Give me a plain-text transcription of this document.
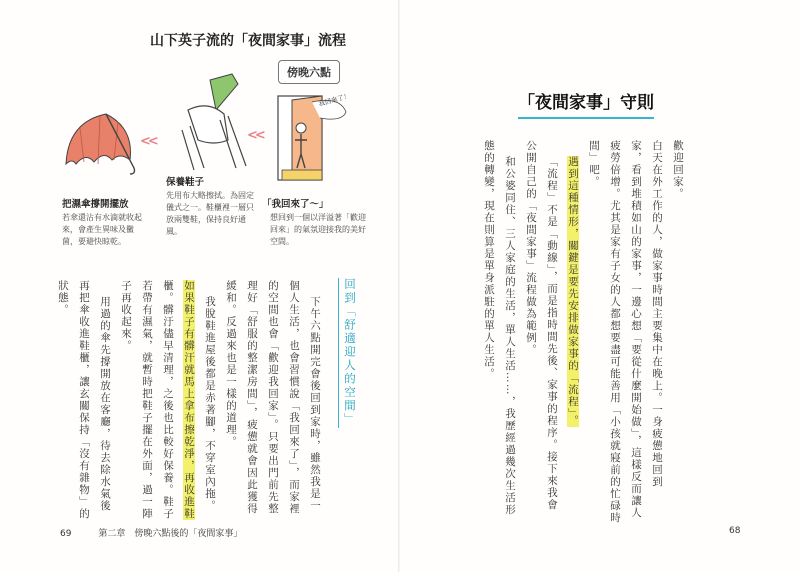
山下英子流的「夜間家事」流程
傍晚六點
我回來了！
<<
<<
「我回來了～」
想回到一個以洋溢著「歡迎回來」的氣氛迎接我的美好空間。
保養鞋子
先用布大略擦拭。為固定儀式之一。鞋櫃裡一層只放兩雙鞋，保持良好通風。
把濕傘撐開擺放
若傘還沾有水滴就收起來，會產生異味及黴菌，要避快晾乾。
回到「舒適迎人的空間」
下午六點開完會後回到家時，雖然我是一
個人生活，也會習慣說「我回來了」，而家裡
的空間也會「歡迎我回家」。只要出門前先整
理好「舒服的整潔房間」，疲憊就會因此獲得
緩和。反過來也是一樣的道理。
我脫鞋進屋後都是赤著腳，不穿室內拖。
如果鞋子有髒汗就馬上拿布擦乾淨，再收進鞋
櫃。髒汙儘早清理，之後也比較好保養。鞋子
若帶有濕氣，就暫時把鞋子擺在外面，過一陣
子再收起來。
用過的傘先撐開放在客廳，待去除水氣後
再把傘收進鞋櫃，讓玄關保持「沒有雜物」的
狀態。
69	第二章　傍晚六點後的「夜間家事」
「夜間家事」守則
歡迎回家。
白天在外工作的人，做家事時間主要集中在晚上。一身疲憊地回到
家，看到堆積如山的家事，一邊心想「要從什麼開始做」，這樣反而讓人
疲勞倍增。尤其是家有子女的人都想要盡可能善用「小孩就寢前的忙碌時
間」吧。
遇到這種情形，關鍵是要先安排做家事的「流程」。
「流程」不是「動線」，而是指時間先後、家事的程序。接下來我會
公開自己的「夜間家事」流程做為範例。
和公婆同住、三人家庭的生活，單人生活……，我歷經過幾次生活形
態的轉變，現在則算是單身派駐的單人生活。
68
